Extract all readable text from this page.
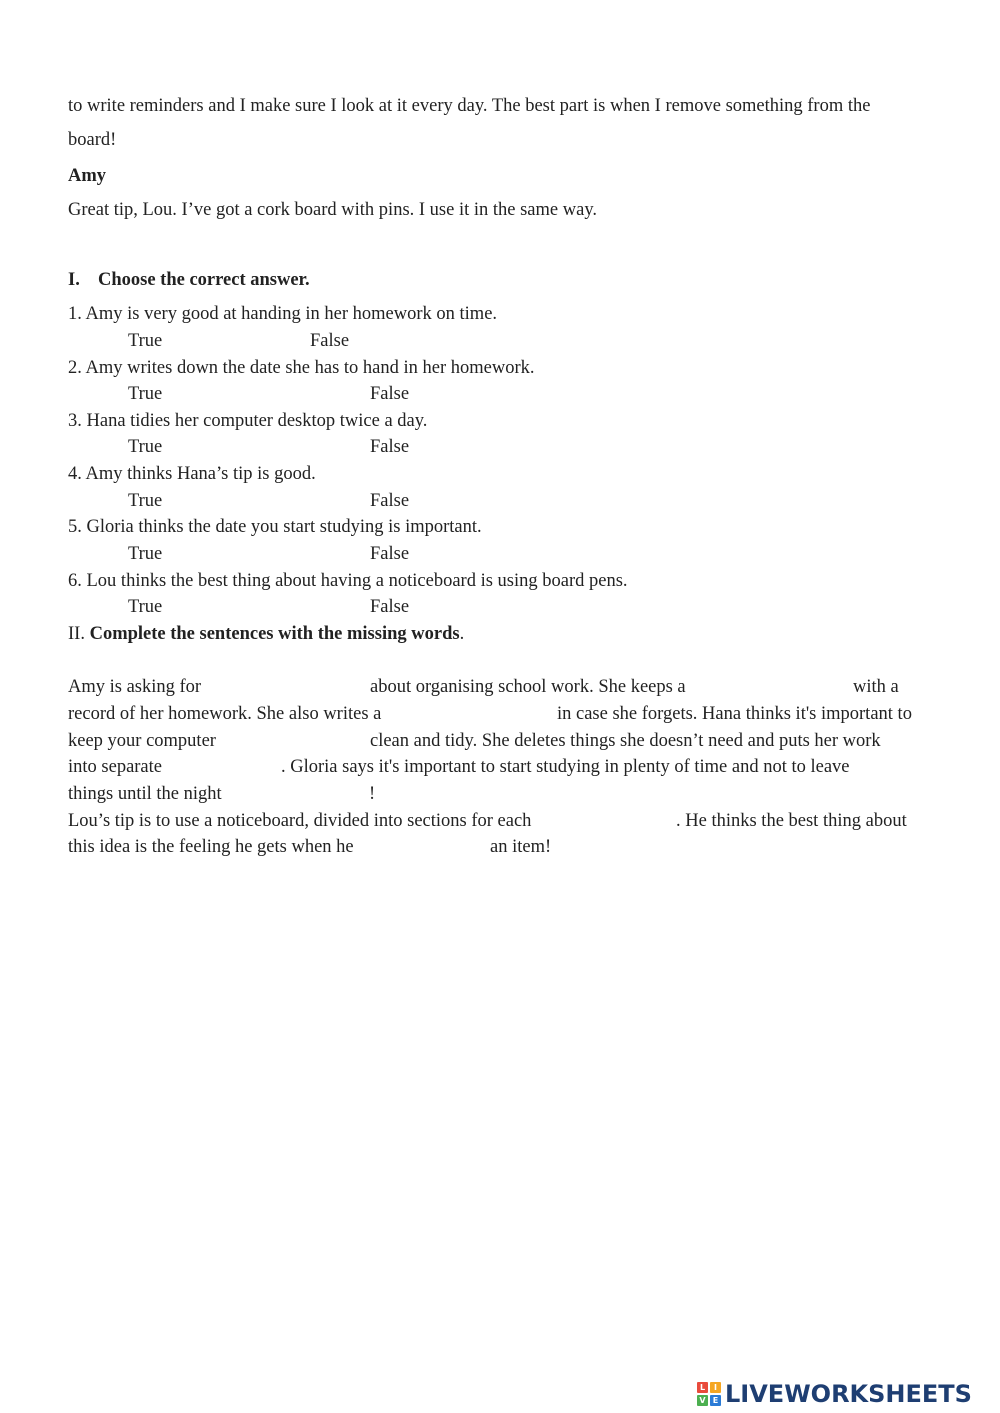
to write reminders and I make sure I look at it every day. The best part is when I remove something from the
board!
Amy
Great tip, Lou. I’ve got a cork board with pins. I use it in the same way.
I. Choose the correct answer.
1. Amy is very good at handing in her homework on time.
True	False
2. Amy writes down the date she has to hand in her homework.
True	False
3. Hana tidies her computer desktop twice a day.
True	False
4. Amy thinks Hana’s tip is good.
True	False
5. Gloria thinks the date you start studying is important.
True	False
6. Lou thinks the best thing about having a noticeboard is using board pens.
True	False
II. Complete the sentences with the missing words.
Amy is asking for	about organising school work. She keeps a	with a
record of her homework. She also writes a	in case she forgets. Hana thinks it's important to
keep your computer	clean and tidy. She deletes things she doesn’t need and puts her work
into separate	. Gloria says it's important to start studying in plenty of time and not to leave
things until the night	!
Lou’s tip is to use a noticeboard, divided into sections for each	. He thinks the best thing about
this idea is the feeling he gets when he	an item!
L	I
V E LIVEWORKSHEETS
